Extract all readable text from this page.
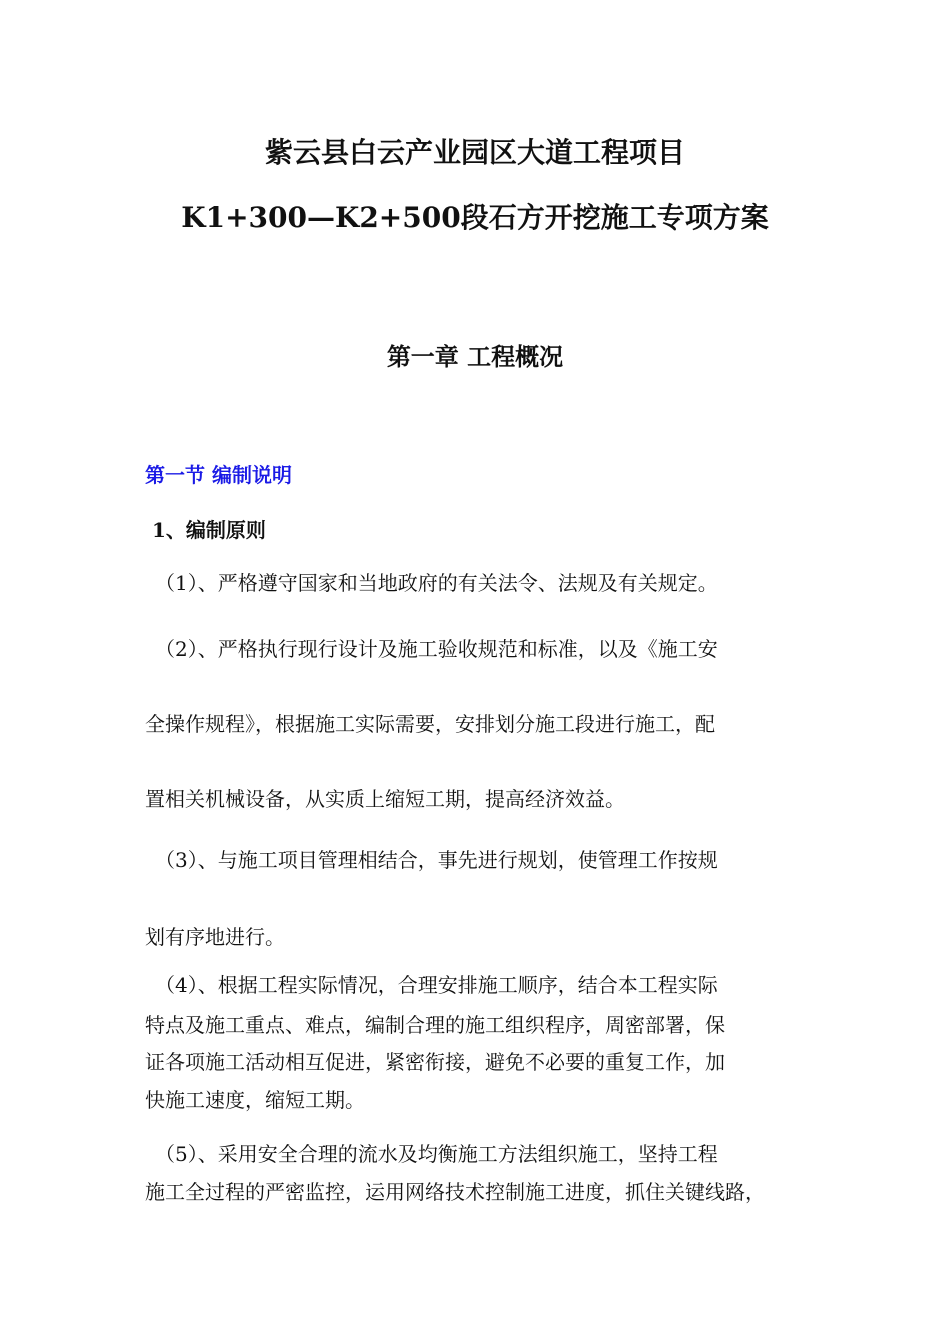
紫云县白云产业园区大道工程项目
K1+300—K2+500段石方开挖施工专项方案
第一章 工程概况
第一节 编制说明
1、编制原则
（1）、严格遵守国家和当地政府的有关法令、法规及有关规定。
（2）、严格执行现行设计及施工验收规范和标准，以及《施工安
全操作规程》，根据施工实际需要，安排划分施工段进行施工，配
置相关机械设备，从实质上缩短工期，提高经济效益。
（3）、与施工项目管理相结合，事先进行规划，使管理工作按规
划有序地进行。
（4）、根据工程实际情况，合理安排施工顺序，结合本工程实际
特点及施工重点、难点，编制合理的施工组织程序，周密部署，保
证各项施工活动相互促进，紧密衔接，避免不必要的重复工作，加
快施工速度，缩短工期。
（5）、采用安全合理的流水及均衡施工方法组织施工，坚持工程
施工全过程的严密监控，运用网络技术控制施工进度，抓住关键线路，
